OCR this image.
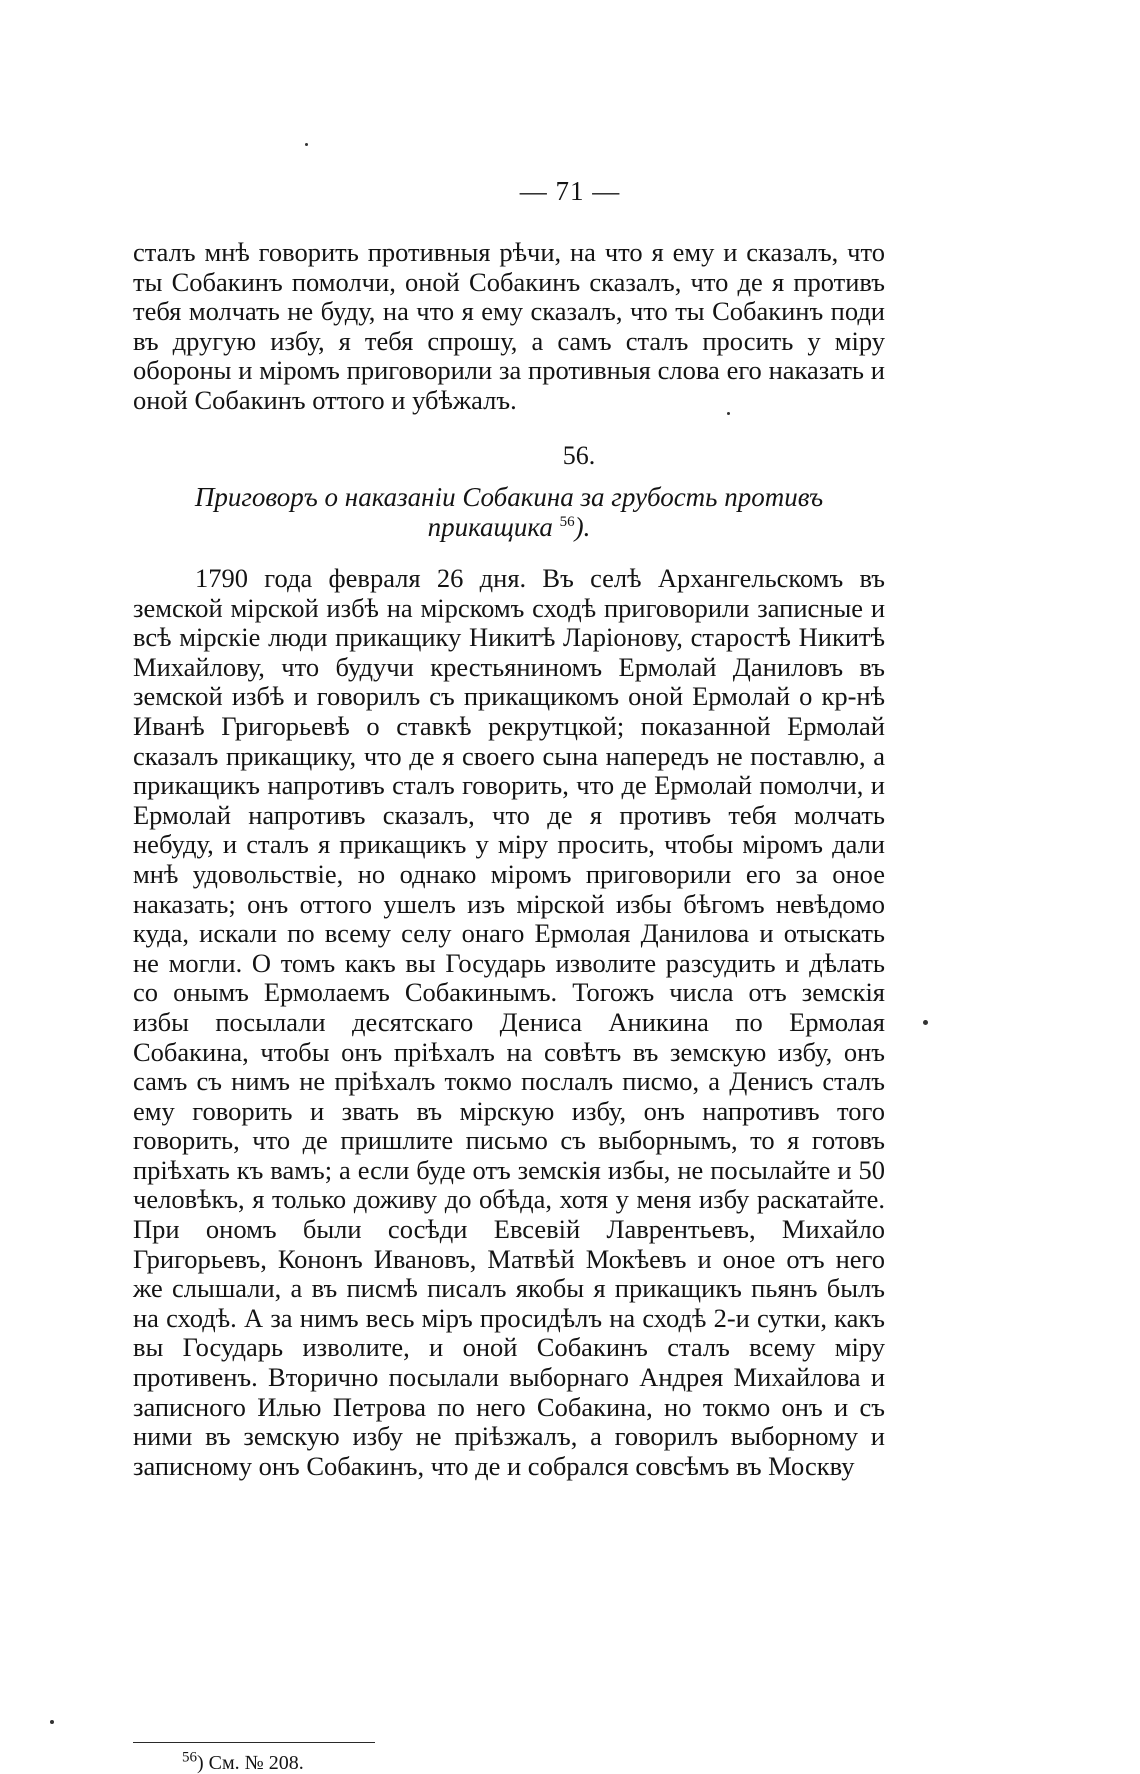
— 71 —

сталъ мнѣ говорить противныя рѣчи, на что я ему и сказалъ, что ты Собакинъ помолчи, оной Собакинъ сказалъ, что де я противъ тебя молчать не буду, на что я ему сказалъ, что ты Собакинъ поди въ другую избу, я тебя спрошу, а самъ сталъ просить у міру обороны и міромъ приговорили за противныя слова его наказать и оной Собакинъ оттого и убѣжалъ.

56.
Приговоръ о наказаніи Собакина за грубость противъ прикащика $^{56}$).

1790 года февраля 26 дня. Въ селѣ Архангельскомъ въ земской мірской избѣ на мірскомъ сходѣ приговорили записные и всѣ мірскіе люди прикащику Никитѣ Ларіонову, старостѣ Никитѣ Михайлову, что будучи крестьяниномъ Ермолай Даниловъ въ земской избѣ и говорилъ съ прикащикомъ оной Ермолай о кр-нѣ Иванѣ Григорьевѣ о ставкѣ рекрутцкой; показанной Ермолай сказалъ прикащику, что де я своего сына напередъ не поставлю, а прикащикъ напротивъ сталъ говорить, что де Ермолай помолчи, и Ермолай напротивъ сказалъ, что де я противъ тебя молчать небуду, и сталъ я прикащикъ у міру просить, чтобы міромъ дали мнѣ удовольствіе, но однако міромъ приговорили его за оное наказать; онъ оттого ушелъ изъ мірской избы бѣгомъ невѣдомо куда, искали по всему селу онаго Ермолая Данилова и отыскать не могли. О томъ какъ вы Государь изволите разсудить и дѣлать со онымъ Ермолаемъ Собакинымъ. Тогожъ числа отъ земскія избы посылали десятскаго Дениса Аникина по Ермолая Собакина, чтобы онъ пріѣхалъ на совѣтъ въ земскую избу, онъ самъ съ нимъ не пріѣхалъ токмо послалъ писмо, а Денисъ сталъ ему говорить и звать въ мірскую избу, онъ напротивъ того говорить, что де пришлите письмо съ выборнымъ, то я готовъ пріѣхать къ вамъ; а если буде отъ земскія избы, не посылайте и 50 человѣкъ, я только доживу до обѣда, хотя у меня избу раскатайте. При ономъ были сосѣди Евсевій Лаврентьевъ, Михайло Григорьевъ, Кононъ Ивановъ, Матвѣй Мокѣевъ и оное отъ него же слышали, а въ писмѣ писалъ якобы я прикащикъ пьянъ былъ на сходѣ. А за нимъ весь міръ просидѣлъ на сходѣ 2-и сутки, какъ вы Государь изволите, и оной Собакинъ сталъ всему міру противенъ. Вторично посылали выборнаго Андрея Михайлова и записного Илью Петрова по него Собакина, но токмо онъ и съ ними въ земскую избу не пріѣзжалъ, а говорилъ выборному и записному онъ Собакинъ, что де и собрался совсѣмъ въ Москву

$^{56}$) См. № 208.
